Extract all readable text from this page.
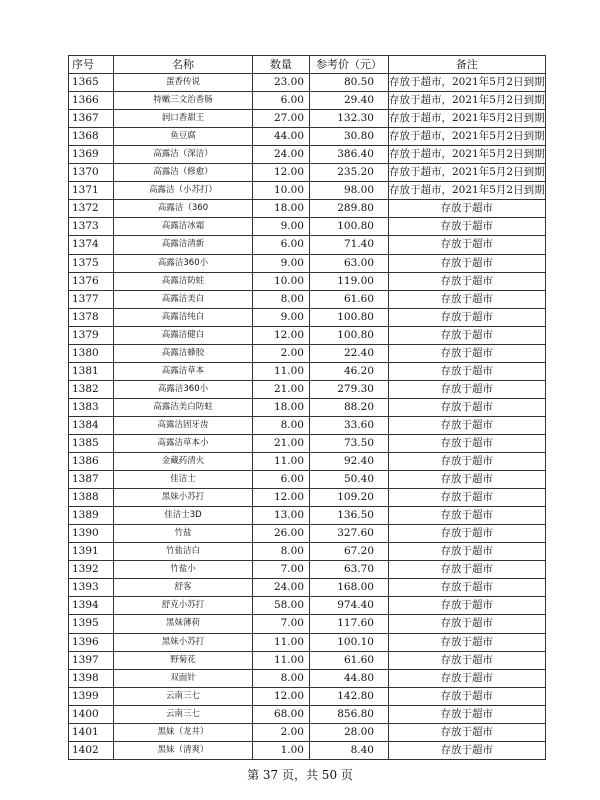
序号	名称	数量	参考价（元）	备注
1365	蛋香传说	23.00	80.50	存放于超市，2021年5月2日到期
1366	特嫩三文治香肠	6.00	29.40	存放于超市，2021年5月2日到期
1367	润口香甜王	27.00	132.30	存放于超市，2021年5月2日到期
1368	鱼豆腐	44.00	30.80	存放于超市，2021年5月2日到期
1369	高露洁（深洁）	24.00	386.40	存放于超市，2021年5月2日到期
1370	高露洁（修愈）	12.00	235.20	存放于超市，2021年5月2日到期
1371	高露洁（小苏打）	10.00	98.00	存放于超市，2021年5月2日到期
1372	高露洁（360	18.00	289.80	存放于超市
1373	高露洁冰霜	9.00	100.80	存放于超市
1374	高露洁清新	6.00	71.40	存放于超市
1375	高露洁360小	9.00	63.00	存放于超市
1376	高露洁防蛀	10.00	119.00	存放于超市
1377	高露洁美白	8.00	61.60	存放于超市
1378	高露洁纯白	9.00	100.80	存放于超市
1379	高露洁健白	12.00	100.80	存放于超市
1380	高露洁蜂胶	2.00	22.40	存放于超市
1381	高露洁草本	11.00	46.20	存放于超市
1382	高露洁360小	21.00	279.30	存放于超市
1383	高露洁美白防蛀	18.00	88.20	存放于超市
1384	高露洁固牙齿	8.00	33.60	存放于超市
1385	高露洁草本小	21.00	73.50	存放于超市
1386	金藏药清火	11.00	92.40	存放于超市
1387	佳洁士	6.00	50.40	存放于超市
1388	黑妹小苏打	12.00	109.20	存放于超市
1389	佳洁士3D	13.00	136.50	存放于超市
1390	竹盐	26.00	327.60	存放于超市
1391	竹盐洁白	8.00	67.20	存放于超市
1392	竹盐小	7.00	63.70	存放于超市
1393	舒客	24.00	168.00	存放于超市
1394	舒克小苏打	58.00	974.40	存放于超市
1395	黑妹薄荷	7.00	117.60	存放于超市
1396	黑妹小苏打	11.00	100.10	存放于超市
1397	野菊花	11.00	61.60	存放于超市
1398	双面针	8.00	44.80	存放于超市
1399	云南三七	12.00	142.80	存放于超市
1400	云南三七	68.00	856.80	存放于超市
1401	黑妹（龙井）	2.00	28.00	存放于超市
1402	黑妹（清爽）	1.00	8.40	存放于超市
第 37 页，共 50 页
